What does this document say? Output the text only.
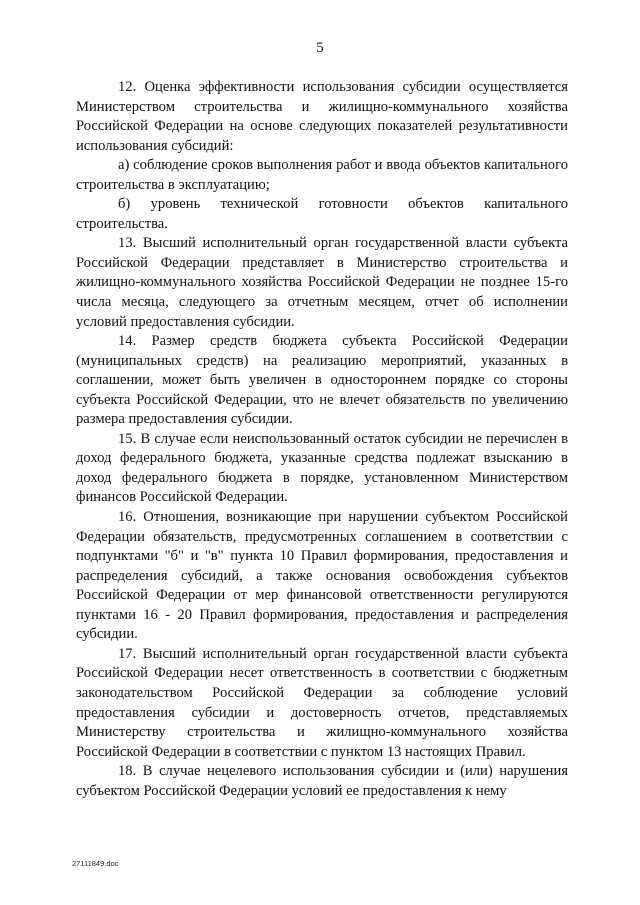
5

12. Оценка эффективности использования субсидии осуществляется Министерством строительства и жилищно-коммунального хозяйства Российской Федерации на основе следующих показателей результативности использования субсидий:

а) соблюдение сроков выполнения работ и ввода объектов капитального строительства в эксплуатацию;

б) уровень технической готовности объектов капитального строительства.

13. Высший исполнительный орган государственной власти субъекта Российской Федерации представляет в Министерство строительства и жилищно-коммунального хозяйства Российской Федерации не позднее 15-го числа месяца, следующего за отчетным месяцем, отчет об исполнении условий предоставления субсидии.

14. Размер средств бюджета субъекта Российской Федерации (муниципальных средств) на реализацию мероприятий, указанных в соглашении, может быть увеличен в одностороннем порядке со стороны субъекта Российской Федерации, что не влечет обязательств по увеличению размера предоставления субсидии.

15. В случае если неиспользованный остаток субсидии не перечислен в доход федерального бюджета, указанные средства подлежат взысканию в доход федерального бюджета в порядке, установленном Министерством финансов Российской Федерации.

16. Отношения, возникающие при нарушении субъектом Российской Федерации обязательств, предусмотренных соглашением в соответствии с подпунктами "б" и "в" пункта 10 Правил формирования, предоставления и распределения субсидий, а также основания освобождения субъектов Российской Федерации от мер финансовой ответственности регулируются пунктами 16 - 20 Правил формирования, предоставления и распределения субсидии.

17. Высший исполнительный орган государственной власти субъекта Российской Федерации несет ответственность в соответствии с бюджетным законодательством Российской Федерации за соблюдение условий предоставления субсидии и достоверность отчетов, представляемых Министерству строительства и жилищно-коммунального хозяйства Российской Федерации в соответствии с пунктом 13 настоящих Правил.

18. В случае нецелевого использования субсидии и (или) нарушения субъектом Российской Федерации условий ее предоставления к нему

27111849.doc
